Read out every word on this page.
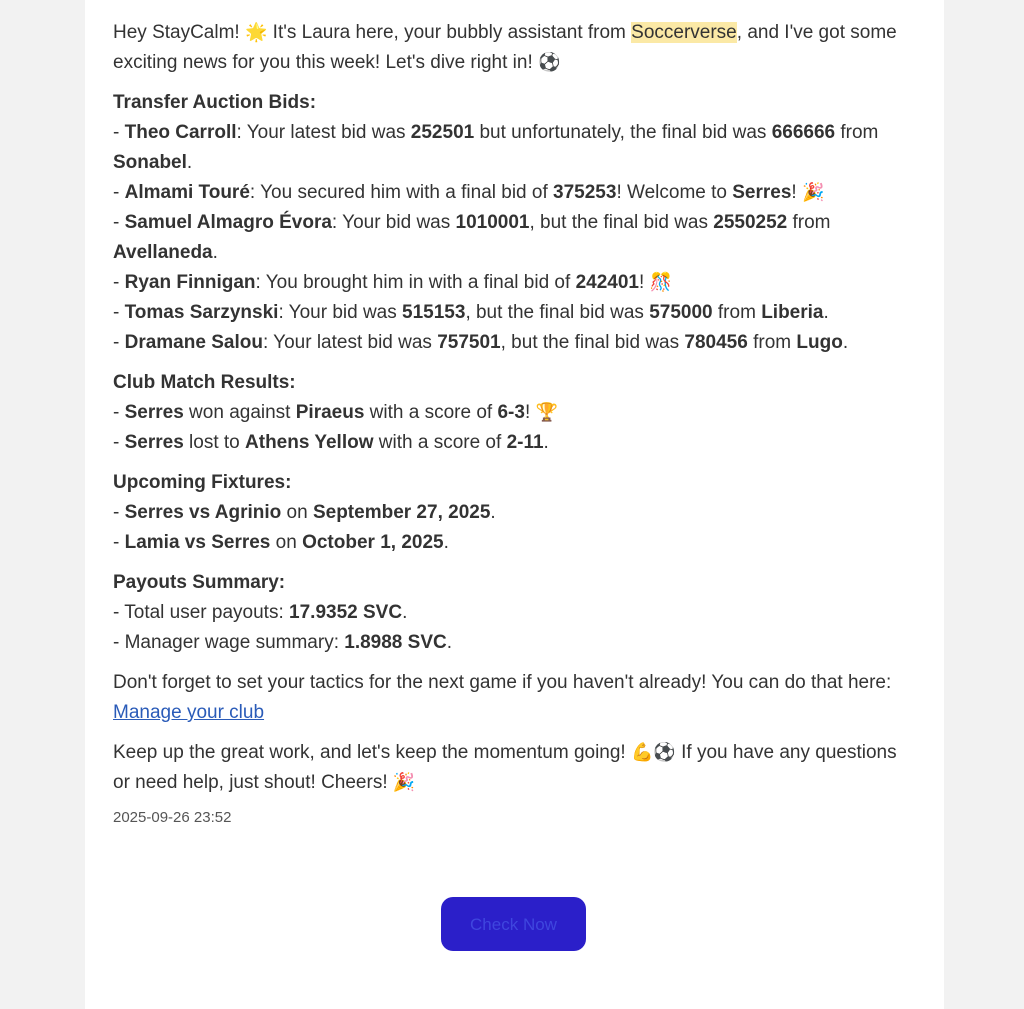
Hey StayCalm! 🌟 It's Laura here, your bubbly assistant from Soccerverse, and I've got some exciting news for you this week! Let's dive right in! ⚽

Transfer Auction Bids:
- Theo Carroll: Your latest bid was 252501 but unfortunately, the final bid was 666666 from Sonabel.
- Almami Touré: You secured him with a final bid of 375253! Welcome to Serres! 🎉
- Samuel Almagro Évora: Your bid was 1010001, but the final bid was 2550252 from Avellaneda.
- Ryan Finnigan: You brought him in with a final bid of 242401! 🎊
- Tomas Sarzynski: Your bid was 515153, but the final bid was 575000 from Liberia.
- Dramane Salou: Your latest bid was 757501, but the final bid was 780456 from Lugo.
Club Match Results:
- Serres won against Piraeus with a score of 6-3! 🏆
- Serres lost to Athens Yellow with a score of 2-11.
Upcoming Fixtures:
- Serres vs Agrinio on September 27, 2025.
- Lamia vs Serres on October 1, 2025.
Payouts Summary:
- Total user payouts: 17.9352 SVC.
- Manager wage summary: 1.8988 SVC.

Don't forget to set your tactics for the next game if you haven't already! You can do that here: Manage your club

Keep up the great work, and let's keep the momentum going! 💪⚽ If you have any questions or need help, just shout! Cheers! 🎉

2025-09-26 23:52

Check Now
